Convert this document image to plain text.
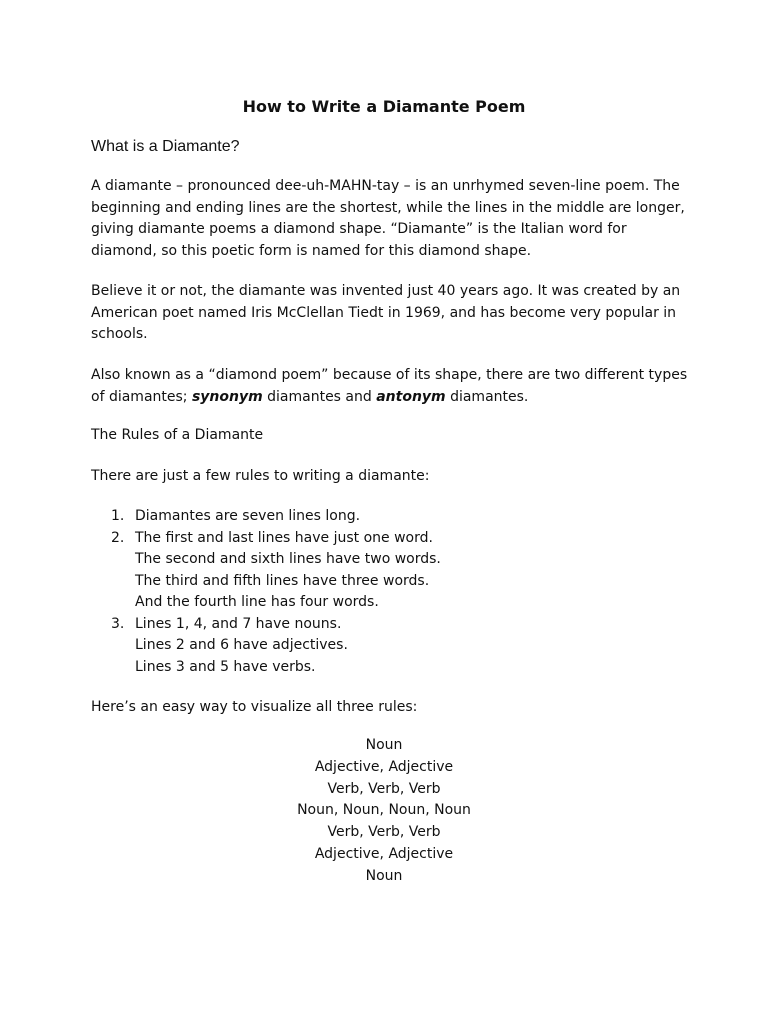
How to Write a Diamante Poem
What is a Diamante?

A diamante – pronounced dee-uh-MAHN-tay – is an unrhymed seven-line poem. The beginning and ending lines are the shortest, while the lines in the middle are longer, giving diamante poems a diamond shape. “Diamante” is the Italian word for diamond, so this poetic form is named for this diamond shape.

Believe it or not, the diamante was invented just 40 years ago. It was created by an American poet named Iris McClellan Tiedt in 1969, and has become very popular in schools.

Also known as a “diamond poem” because of its shape, there are two different types of diamantes; synonym diamantes and antonym diamantes.

The Rules of a Diamante

There are just a few rules to writing a diamante:

1. Diamantes are seven lines long.
2. The first and last lines have just one word.
The second and sixth lines have two words.
The third and fifth lines have three words.
And the fourth line has four words.
3. Lines 1, 4, and 7 have nouns.
Lines 2 and 6 have adjectives.
Lines 3 and 5 have verbs.

Here’s an easy way to visualize all three rules:

Noun
Adjective, Adjective
Verb, Verb, Verb
Noun, Noun, Noun, Noun
Verb, Verb, Verb
Adjective, Adjective
Noun
